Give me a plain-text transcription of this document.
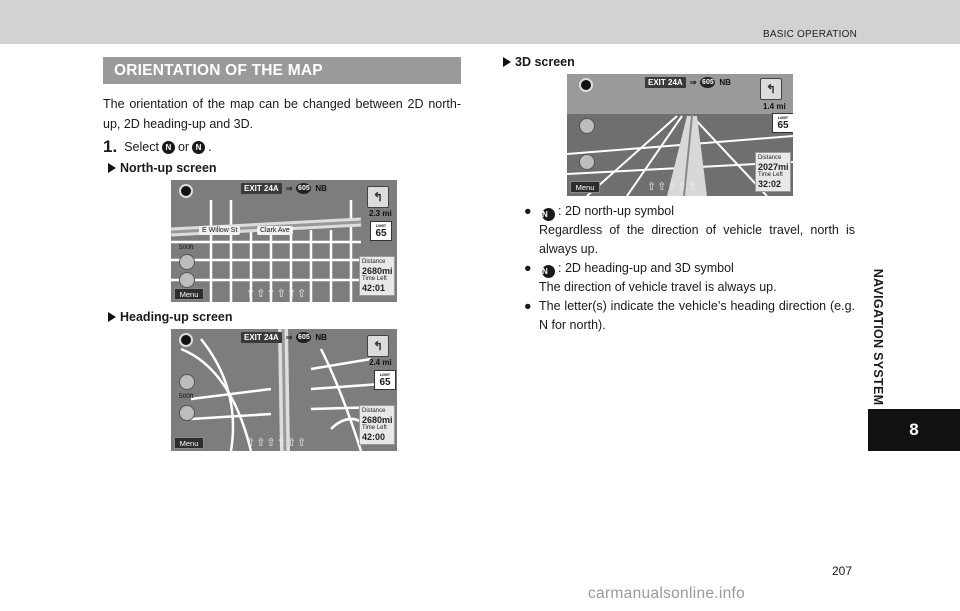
BASIC OPERATION
NAVIGATION SYSTEM
8
ORIENTATION OF THE MAP

The orientation of the map can be changed between 2D north-up, 2D heading-up and 3D.

1. Select N or N .
North-up screen
EXIT 24A ⇒ 605 NB
↰
2.3 mi
LIMIT 65
E Willow St	Clark Ave
500ft
Distance
2680mi
Time Left
42:01
Menu	⇧⇧⇧⇧⇧⇧
Heading-up screen
EXIT 24A ⇒ 605 NB
↰
2.4 mi
LIMIT 65
500ft
Distance
2680mi
Time Left
42:00
Menu	⇧⇧⇧⇧⇧⇧
3D screen
EXIT 24A ⇒ 605 NB	↰
1.4 mi
LIMIT 65
Distance
2027mi
Time Left
32:02
Menu	⇧⇧⇧⇧⇧
● N : 2D north-up symbol
Regardless of the direction of vehicle travel, north is always up.
● N : 2D heading-up and 3D symbol
The direction of vehicle travel is always up.
● The letter(s) indicate the vehicle’s heading direction (e.g. N for north).
207
carmanualsonline.info
